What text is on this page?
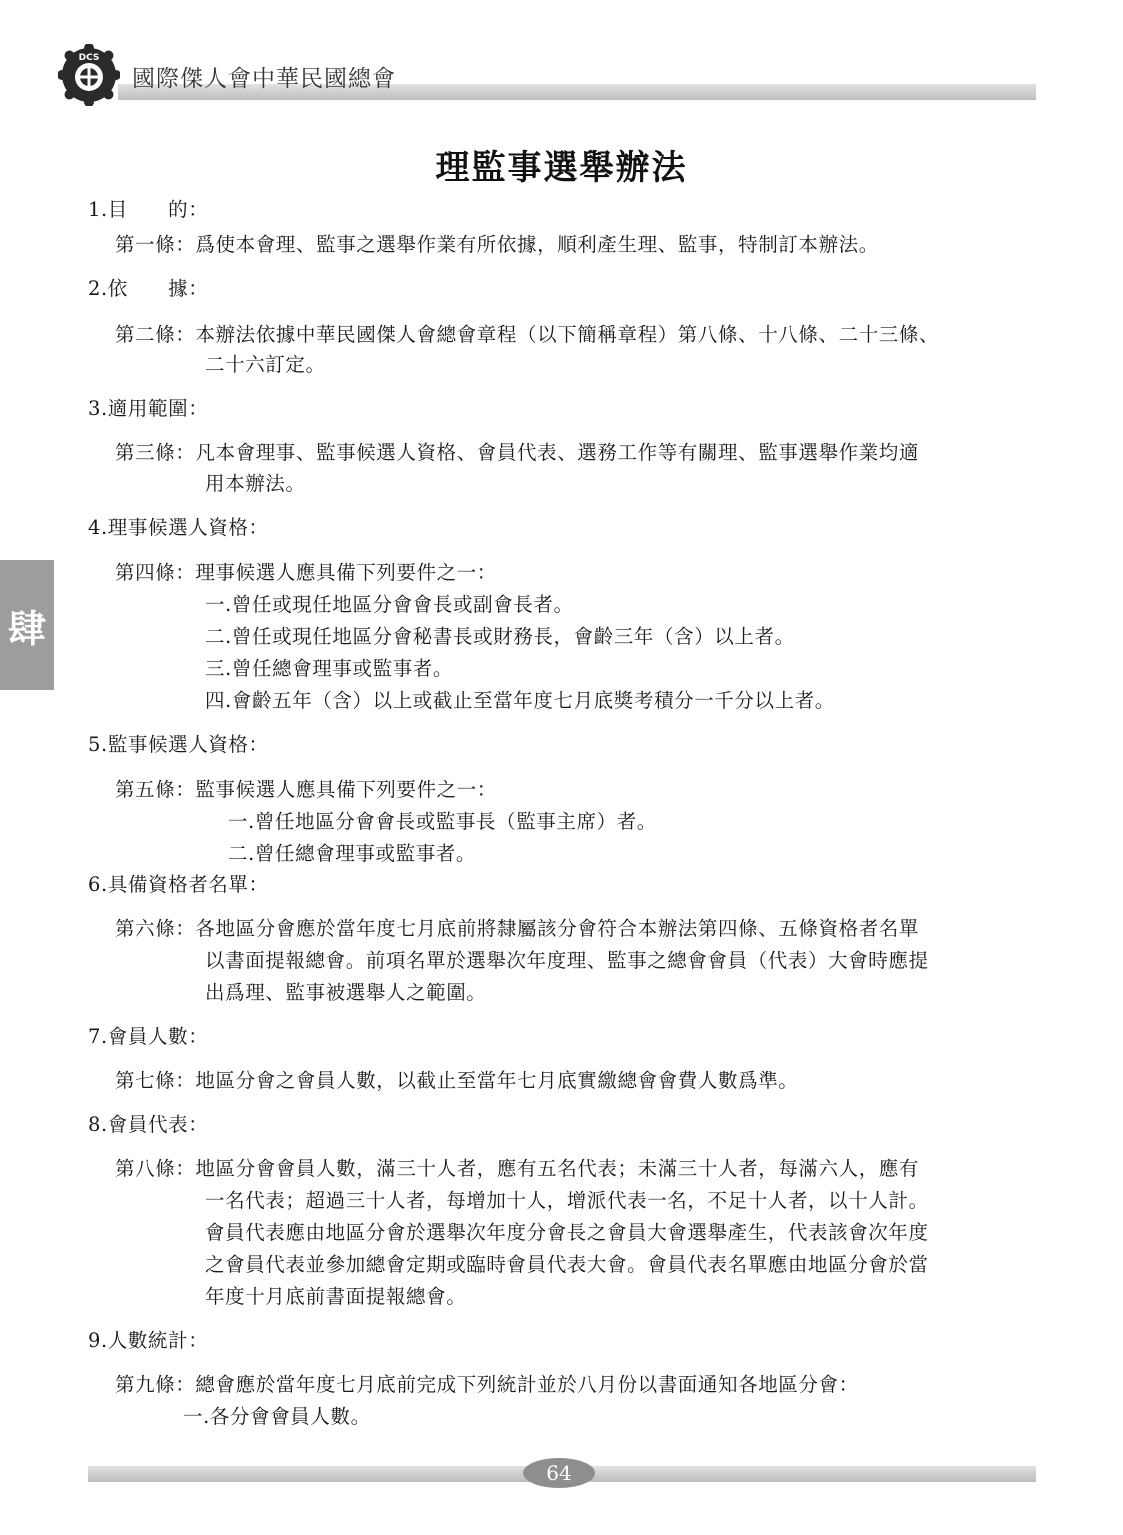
DCS
國際傑人會中華民國總會
理監事選舉辦法
肆
1.目　　的：
第一條：爲使本會理、監事之選舉作業有所依據，順利產生理、監事，特制訂本辦法。
2.依　　據：
第二條：本辦法依據中華民國傑人會總會章程（以下簡稱章程）第八條、十八條、二十三條、
二十六訂定。
3.適用範圍：
第三條：凡本會理事、監事候選人資格、會員代表、選務工作等有關理、監事選舉作業均適
用本辦法。
4.理事候選人資格：
第四條：理事候選人應具備下列要件之一：
一.曾任或現任地區分會會長或副會長者。
二.曾任或現任地區分會秘書長或財務長，會齡三年（含）以上者。
三.曾任總會理事或監事者。
四.會齡五年（含）以上或截止至當年度七月底獎考積分一千分以上者。
5.監事候選人資格：
第五條：監事候選人應具備下列要件之一：
一.曾任地區分會會長或監事長（監事主席）者。
二.曾任總會理事或監事者。
6.具備資格者名單：
第六條：各地區分會應於當年度七月底前將隸屬該分會符合本辦法第四條、五條資格者名單
以書面提報總會。前項名單於選舉次年度理、監事之總會會員（代表）大會時應提
出爲理、監事被選舉人之範圍。
7.會員人數：
第七條：地區分會之會員人數，以截止至當年七月底實繳總會會費人數爲準。
8.會員代表：
第八條：地區分會會員人數，滿三十人者，應有五名代表；未滿三十人者，每滿六人，應有
一名代表；超過三十人者，每增加十人，增派代表一名，不足十人者，以十人計。
會員代表應由地區分會於選舉次年度分會長之會員大會選舉產生，代表該會次年度
之會員代表並參加總會定期或臨時會員代表大會。會員代表名單應由地區分會於當
年度十月底前書面提報總會。
9.人數統計：
第九條：總會應於當年度七月底前完成下列統計並於八月份以書面通知各地區分會：
一.各分會會員人數。
64
